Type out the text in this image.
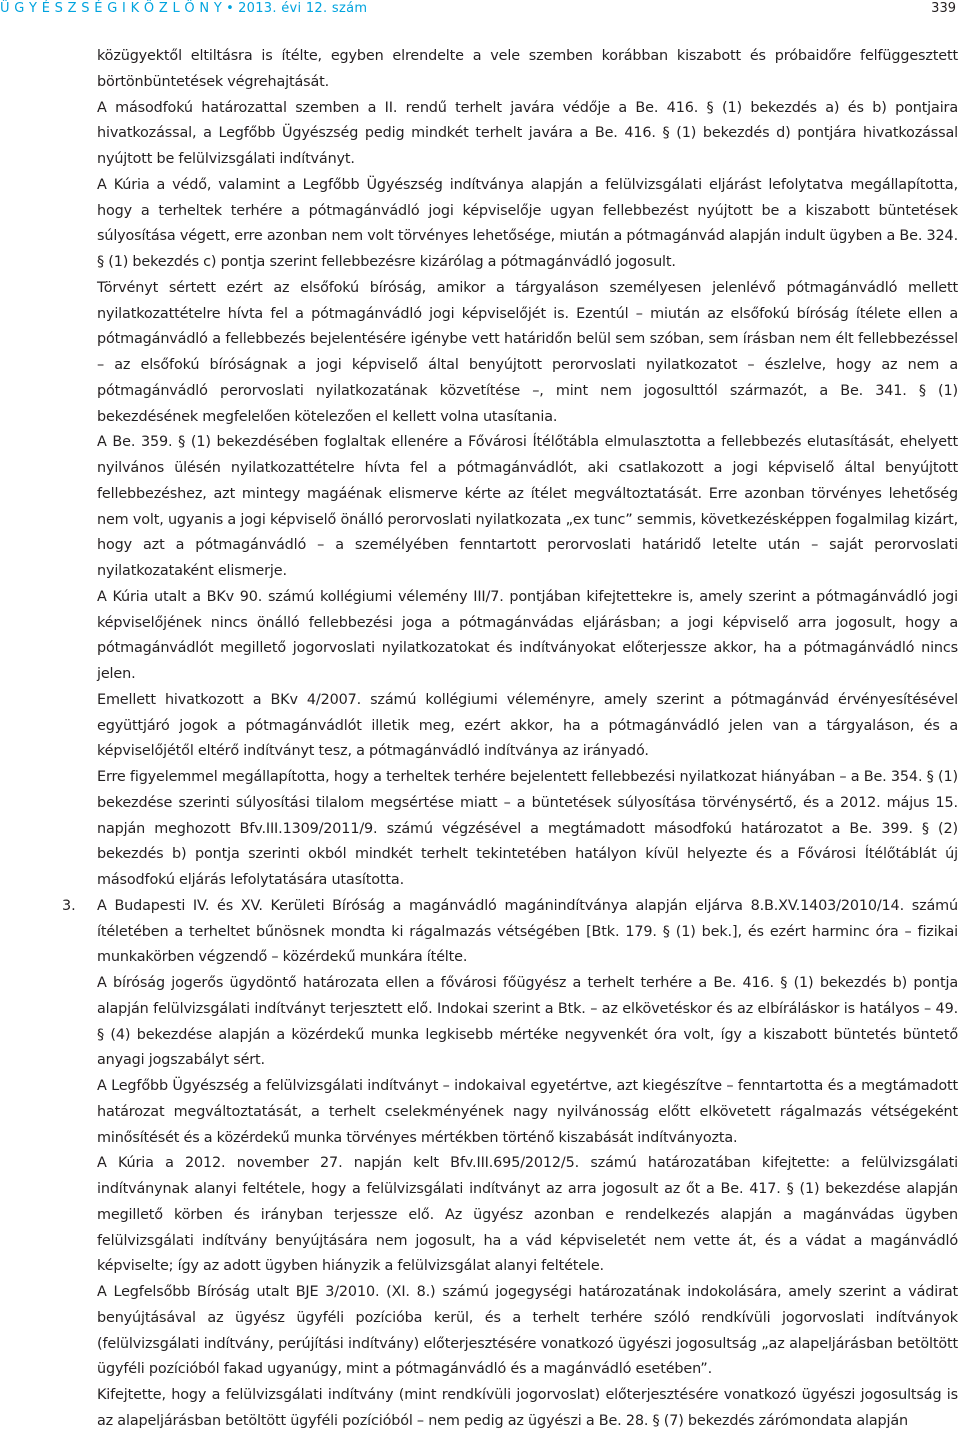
Ü G Y É S Z S É G I K Ö Z L Ö N Y • 2013. évi 12. szám	339

közügyektől eltiltásra is ítélte, egyben elrendelte a vele szemben korábban kiszabott és próbaidőre felfüggesztett börtönbüntetések végrehajtását.

A másodfokú határozattal szemben a II. rendű terhelt javára védője a Be. 416. § (1) bekezdés a) és b) pontjaira hivatkozással, a Legfőbb Ügyészség pedig mindkét terhelt javára a Be. 416. § (1) bekezdés d) pontjára hivatkozással nyújtott be felülvizsgálati indítványt.

A Kúria a védő, valamint a Legfőbb Ügyészség indítványa alapján a felülvizsgálati eljárást lefolytatva megállapította, hogy a terheltek terhére a pótmagánvádló jogi képviselője ugyan fellebbezést nyújtott be a kiszabott büntetések súlyosítása végett, erre azonban nem volt törvényes lehetősége, miután a pótmagánvád alapján indult ügyben a Be. 324. § (1) bekezdés c) pontja szerint fellebbezésre kizárólag a pótmagánvádló jogosult.

Törvényt sértett ezért az elsőfokú bíróság, amikor a tárgyaláson személyesen jelenlévő pótmagánvádló mellett nyilatkozattételre hívta fel a pótmagánvádló jogi képviselőjét is. Ezentúl – miután az elsőfokú bíróság ítélete ellen a pótmagánvádló a fellebbezés bejelentésére igénybe vett határidőn belül sem szóban, sem írásban nem élt fellebbezéssel – az elsőfokú bíróságnak a jogi képviselő által benyújtott perorvoslati nyilatkozatot – észlelve, hogy az nem a pótmagánvádló perorvoslati nyilatkozatának közvetítése –, mint nem jogosulttól származót, a Be. 341. § (1) bekezdésének megfelelően kötelezően el kellett volna utasítania.

A Be. 359. § (1) bekezdésében foglaltak ellenére a Fővárosi Ítélőtábla elmulasztotta a fellebbezés elutasítását, ehelyett nyilvános ülésén nyilatkozattételre hívta fel a pótmagánvádlót, aki csatlakozott a jogi képviselő által benyújtott fellebbezéshez, azt mintegy magáénak elismerve kérte az ítélet megváltoztatását. Erre azonban törvényes lehetőség nem volt, ugyanis a jogi képviselő önálló perorvoslati nyilatkozata „ex tunc” semmis, következésképpen fogalmilag kizárt, hogy azt a pótmagánvádló – a személyében fenntartott perorvoslati határidő letelte után – saját perorvoslati nyilatkozataként elismerje.

A Kúria utalt a BKv 90. számú kollégiumi vélemény III/7. pontjában kifejtettekre is, amely szerint a pótmagánvádló jogi képviselőjének nincs önálló fellebbezési joga a pótmagánvádas eljárásban; a jogi képviselő arra jogosult, hogy a pótmagánvádlót megillető jogorvoslati nyilatkozatokat és indítványokat előterjessze akkor, ha a pótmagánvádló nincs jelen.

Emellett hivatkozott a BKv 4/2007. számú kollégiumi véleményre, amely szerint a pótmagánvád érvényesítésével együttjáró jogok a pótmagánvádlót illetik meg, ezért akkor, ha a pótmagánvádló jelen van a tárgyaláson, és a képviselőjétől eltérő indítványt tesz, a pótmagánvádló indítványa az irányadó.

Erre figyelemmel megállapította, hogy a terheltek terhére bejelentett fellebbezési nyilatkozat hiányában – a Be. 354. § (1) bekezdése szerinti súlyosítási tilalom megsértése miatt – a büntetések súlyosítása törvénysértő, és a 2012. május 15. napján meghozott Bfv.III.1309/2011/9. számú végzésével a megtámadott másodfokú határozatot a Be. 399. § (2) bekezdés b) pontja szerinti okból mindkét terhelt tekintetében hatályon kívül helyezte és a Fővárosi Ítélőtáblát új másodfokú eljárás lefolytatására utasította.

3. A Budapesti IV. és XV. Kerületi Bíróság a magánvádló magánindítványa alapján eljárva 8.B.XV.1403/2010/14. számú ítéletében a terheltet bűnösnek mondta ki rágalmazás vétségében [Btk. 179. § (1) bek.], és ezért harminc óra – fizikai munkakörben végzendő – közérdekű munkára ítélte.

A bíróság jogerős ügydöntő határozata ellen a fővárosi főügyész a terhelt terhére a Be. 416. § (1) bekezdés b) pontja alapján felülvizsgálati indítványt terjesztett elő. Indokai szerint a Btk. – az elkövetéskor és az elbíráláskor is hatályos – 49. § (4) bekezdése alapján a közérdekű munka legkisebb mértéke negyvenkét óra volt, így a kiszabott büntetés büntető anyagi jogszabályt sért.

A Legfőbb Ügyészség a felülvizsgálati indítványt – indokaival egyetértve, azt kiegészítve – fenntartotta és a megtámadott határozat megváltoztatását, a terhelt cselekményének nagy nyilvánosság előtt elkövetett rágalmazás vétségeként minősítését és a közérdekű munka törvényes mértékben történő kiszabását indítványozta.

A Kúria a 2012. november 27. napján kelt Bfv.III.695/2012/5. számú határozatában kifejtette: a felülvizsgálati indítványnak alanyi feltétele, hogy a felülvizsgálati indítványt az arra jogosult az őt a Be. 417. § (1) bekezdése alapján megillető körben és irányban terjessze elő. Az ügyész azonban e rendelkezés alapján a magánvádas ügyben felülvizsgálati indítvány benyújtására nem jogosult, ha a vád képviseletét nem vette át, és a vádat a magánvádló képviselte; így az adott ügyben hiányzik a felülvizsgálat alanyi feltétele.

A Legfelsőbb Bíróság utalt BJE 3/2010. (XI. 8.) számú jogegységi határozatának indokolására, amely szerint a vádirat benyújtásával az ügyész ügyféli pozícióba kerül, és a terhelt terhére szóló rendkívüli jogorvoslati indítványok (felülvizsgálati indítvány, perújítási indítvány) előterjesztésére vonatkozó ügyészi jogosultság „az alapeljárásban betöltött ügyféli pozícióból fakad ugyanúgy, mint a pótmagánvádló és a magánvádló esetében”.

Kifejtette, hogy a felülvizsgálati indítvány (mint rendkívüli jogorvoslat) előterjesztésére vonatkozó ügyészi jogosultság is az alapeljárásban betöltött ügyféli pozícióból – nem pedig az ügyészi a Be. 28. § (7) bekezdés zárómondata alapján
